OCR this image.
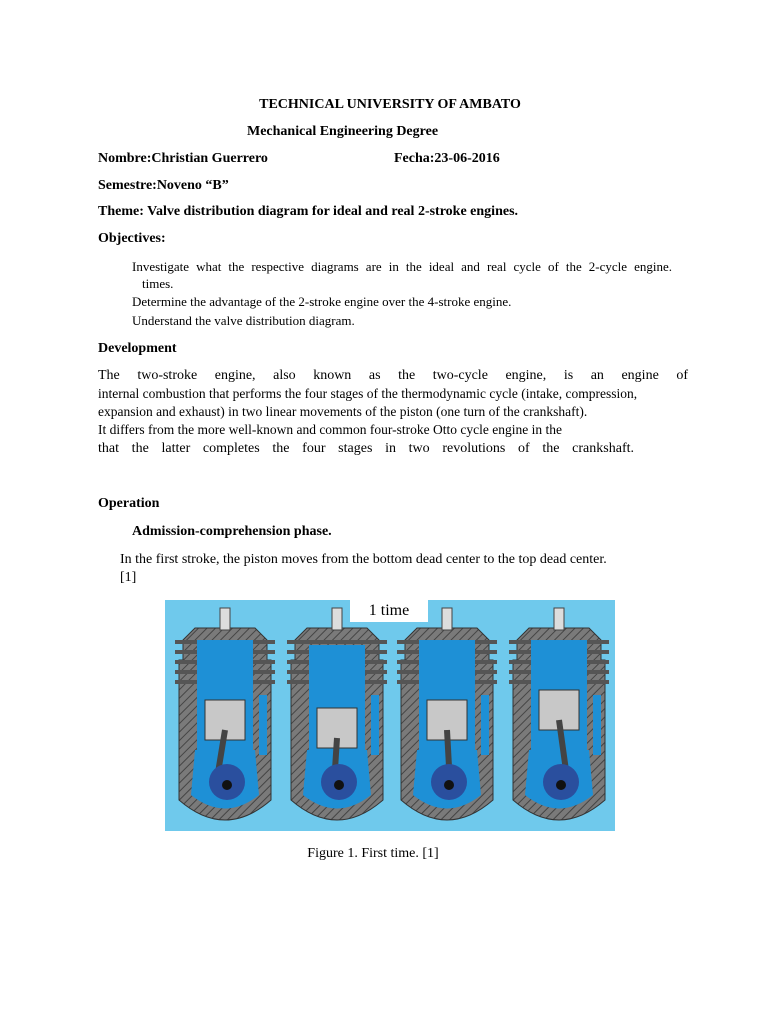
TECHNICAL UNIVERSITY OF AMBATO
Mechanical Engineering Degree
Nombre:Christian Guerrero	Fecha:23-06-2016
Semestre:Noveno “B”
Theme: Valve distribution diagram for ideal and real 2-stroke engines.
Objectives:
Investigate what the respective diagrams are in the ideal and real cycle of the 2-cycle engine.
times.
Determine the advantage of the 2-stroke engine over the 4-stroke engine.
Understand the valve distribution diagram.
Development
The two-stroke engine, also known as the two-cycle engine, is an engine of
internal combustion that performs the four stages of the thermodynamic cycle (intake, compression,
expansion and exhaust) in two linear movements of the piston (one turn of the crankshaft).
It differs from the more well-known and common four-stroke Otto cycle engine in the
that the latter completes the four stages in two revolutions of the crankshaft.
Operation
Admission-comprehension phase.
In the first stroke, the piston moves from the bottom dead center to the top dead center.
[1]
1 time
Figure 1. First time. [1]
